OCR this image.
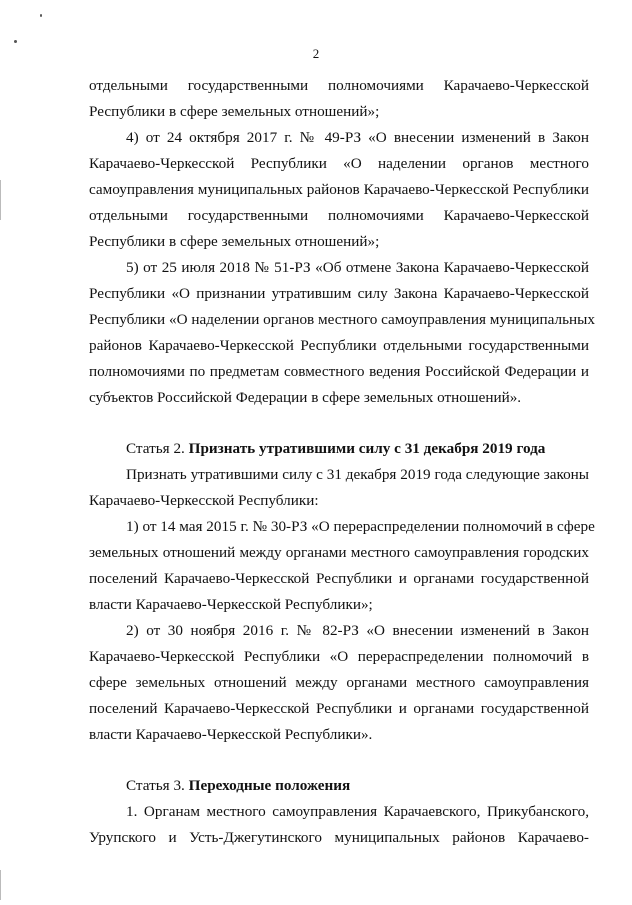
2
отдельными государственными полномочиями Карачаево-Черкесской
Республики в сфере земельных отношений»;
4) от 24 октября 2017 г. № 49-РЗ «О внесении изменений в Закон
Карачаево-Черкесской Республики «О наделении органов местного
самоуправления муниципальных районов Карачаево-Черкесской Республики
отдельными государственными полномочиями Карачаево-Черкесской
Республики в сфере земельных отношений»;
5) от 25 июля 2018 № 51-РЗ «Об отмене Закона Карачаево-Черкесской
Республики «О признании утратившим силу Закона Карачаево-Черкесской
Республики «О наделении органов местного самоуправления муниципальных
районов Карачаево-Черкесской Республики отдельными государственными
полномочиями по предметам совместного ведения Российской Федерации и
субъектов Российской Федерации в сфере земельных отношений».
Статья 2. Признать утратившими силу с 31 декабря 2019 года
Признать утратившими силу с 31 декабря 2019 года следующие законы
Карачаево-Черкесской Республики:
1) от 14 мая 2015 г. № 30-РЗ «О перераспределении полномочий в сфере
земельных отношений между органами местного самоуправления городских
поселений Карачаево-Черкесской Республики и органами государственной
власти Карачаево-Черкесской Республики»;
2) от 30 ноября 2016 г. № 82-РЗ «О внесении изменений в Закон
Карачаево-Черкесской Республики «О перераспределении полномочий в
сфере земельных отношений между органами местного самоуправления
поселений Карачаево-Черкесской Республики и органами государственной
власти Карачаево-Черкесской Республики».
Статья 3. Переходные положения
1. Органам местного самоуправления Карачаевского, Прикубанского,
Урупского и Усть-Джегутинского муниципальных районов Карачаево-
